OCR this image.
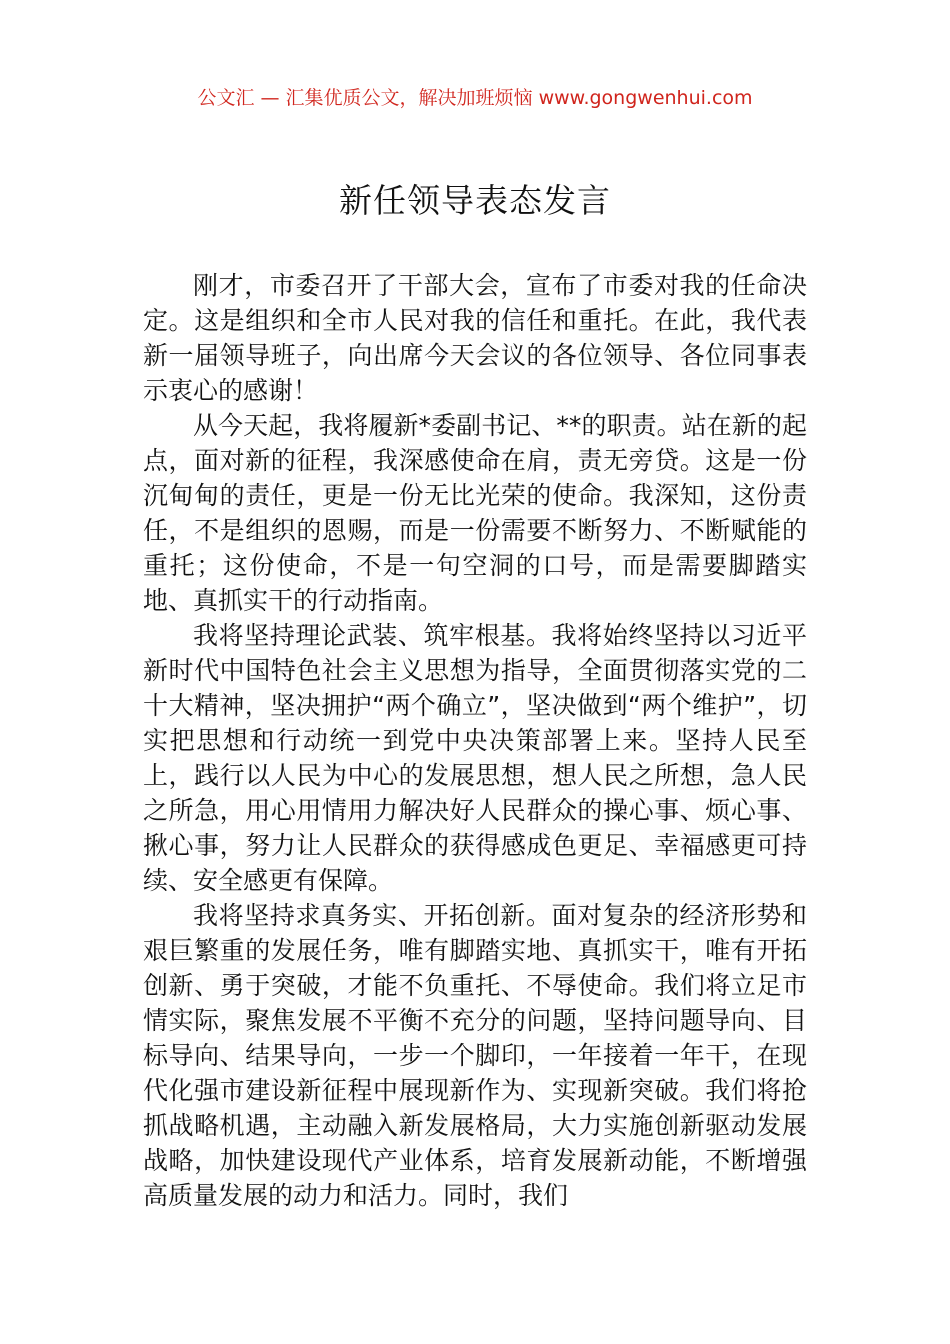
公文汇 — 汇集优质公文，解决加班烦恼 www.gongwenhui.com
新任领导表态发言

刚才，市委召开了干部大会，宣布了市委对我的任命决定。这是组织和全市人民对我的信任和重托。在此，我代表新一届领导班子，向出席今天会议的各位领导、各位同事表示衷心的感谢！

从今天起，我将履新*委副书记、**的职责。站在新的起点，面对新的征程，我深感使命在肩，责无旁贷。这是一份沉甸甸的责任，更是一份无比光荣的使命。我深知，这份责任，不是组织的恩赐，而是一份需要不断努力、不断赋能的重托；这份使命，不是一句空洞的口号，而是需要脚踏实地、真抓实干的行动指南。

我将坚持理论武装、筑牢根基。我将始终坚持以习近平新时代中国特色社会主义思想为指导，全面贯彻落实党的二十大精神，坚决拥护“两个确立”，坚决做到“两个维护”，切实把思想和行动统一到党中央决策部署上来。坚持人民至上，践行以人民为中心的发展思想，想人民之所想，急人民之所急，用心用情用力解决好人民群众的操心事、烦心事、揪心事，努力让人民群众的获得感成色更足、幸福感更可持续、安全感更有保障。

我将坚持求真务实、开拓创新。面对复杂的经济形势和艰巨繁重的发展任务，唯有脚踏实地、真抓实干，唯有开拓创新、勇于突破，才能不负重托、不辱使命。我们将立足市情实际，聚焦发展不平衡不充分的问题，坚持问题导向、目标导向、结果导向，一步一个脚印，一年接着一年干，在现代化强市建设新征程中展现新作为、实现新突破。我们将抢抓战略机遇，主动融入新发展格局，大力实施创新驱动发展战略，加快建设现代产业体系，培育发展新动能，不断增强高质量发展的动力和活力。同时，我们
